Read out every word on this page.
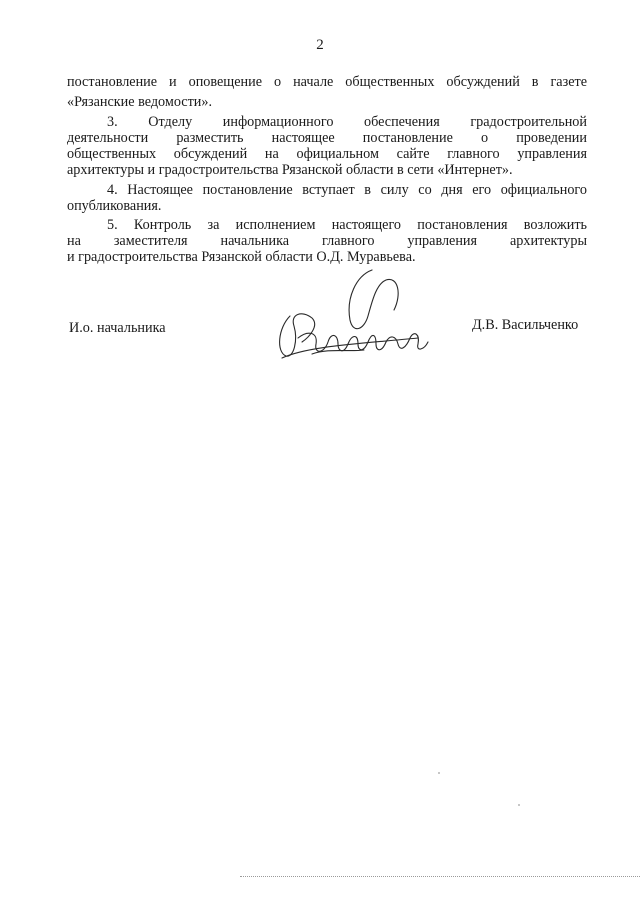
2
постановление и оповещение о начале общественных обсуждений в газете
«Рязанские ведомости».
3. Отделу информационного обеспечения градостроительной
деятельности разместить настоящее постановление о проведении
общественных обсуждений на официальном сайте главного управления
архитектуры и градостроительства Рязанской области в сети «Интернет».
4. Настоящее постановление вступает в силу со дня его официального
опубликования.
5. Контроль за исполнением настоящего постановления возложить
на заместителя начальника главного управления архитектуры
и градостроительства Рязанской области О.Д. Муравьева.
И.о. начальника	Д.В. Васильченко
